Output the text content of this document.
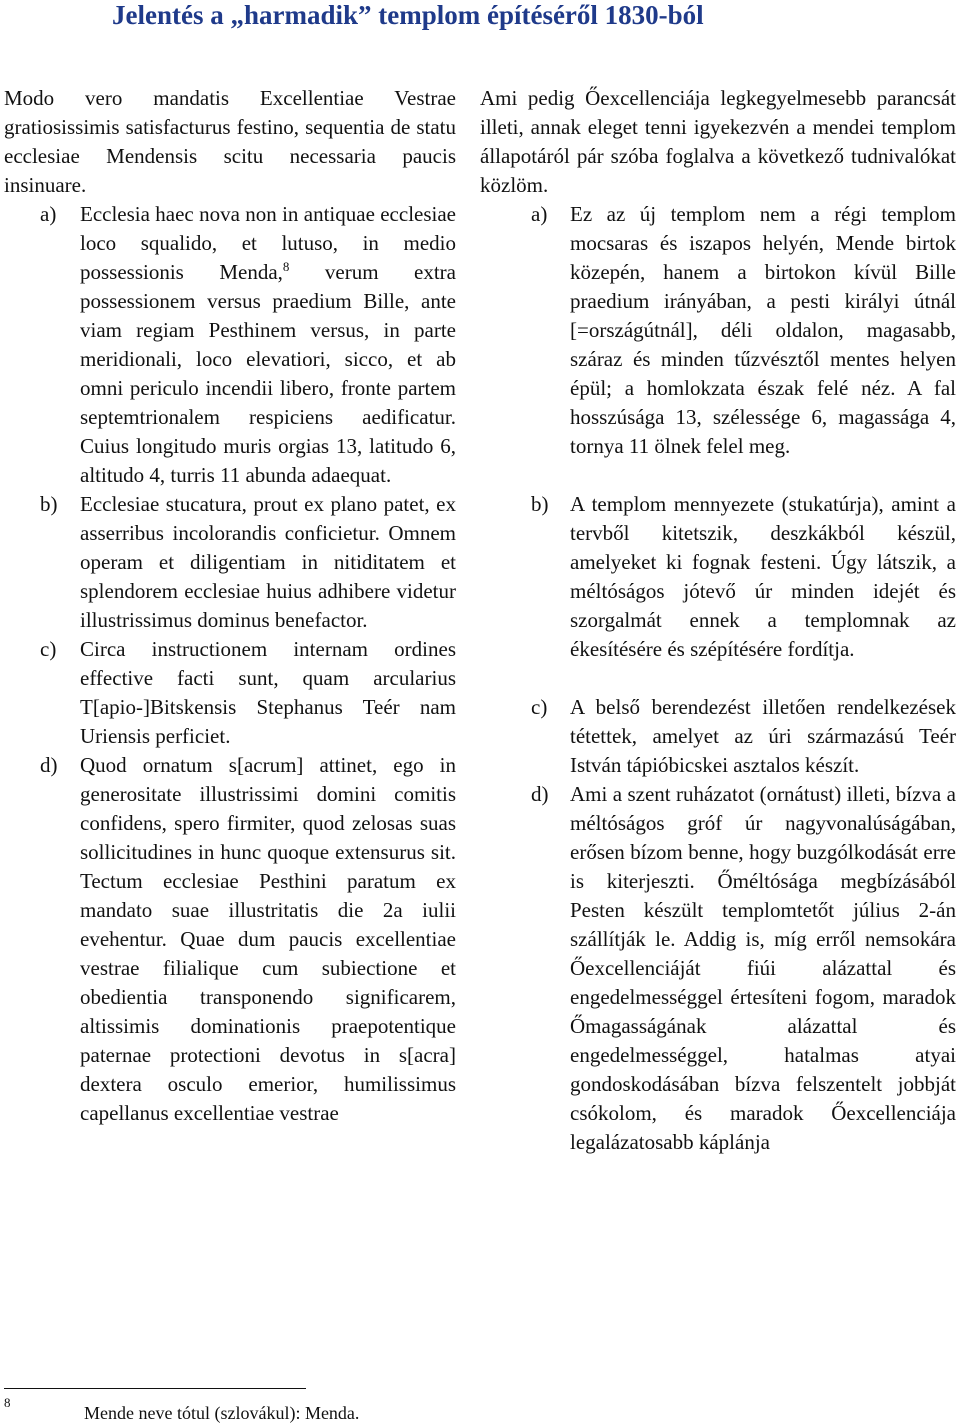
Jelentés a „harmadik” templom építéséről 1830-ból

Modo vero mandatis Excellentiae Vestrae gratiosissimis satisfacturus festino, sequentia de statu ecclesiae Mendensis scitu necessaria paucis insinuare.

a) Ecclesia haec nova non in antiquae ecclesiae loco squalido, et lutuso, in medio possessionis Menda,$^8$ verum extra possessionem versus praedium Bille, ante viam regiam Pesthinem versus, in parte meridionali, loco elevatiori, sicco, et ab omni periculo incendii libero, fronte partem septemtrionalem respiciens aedificatur. Cuius longitudo muris orgias 13, latitudo 6, altitudo 4, turris 11 abunda adaequat.
b) Ecclesiae stucatura, prout ex plano patet, ex asserribus incolorandis conficietur. Omnem operam et diligentiam in nitiditatem et splendorem ecclesiae huius adhibere videtur illustrissimus dominus benefactor.
c) Circa instructionem internam ordines effective facti sunt, quam arcularius T[apio-]Bitskensis Stephanus Teér nam Uriensis perficiet.
d) Quod ornatum s[acrum] attinet, ego in generositate illustrissimi domini comitis confidens, spero firmiter, quod zelosas suas sollicitudines in hunc quoque extensurus sit. Tectum ecclesiae Pesthini paratum ex mandato suae illustritatis die 2a iulii evehentur. Quae dum paucis excellentiae vestrae filialique cum subiectione et obedientia transponendo significarem, altissimis dominationis praepotentique paternae protectioni devotus in s[acra] dextera osculo emerior, humilissimus capellanus excellentiae vestrae

Ami pedig Őexcellenciája legkegyelmesebb parancsát illeti, annak eleget tenni igyekezvén a mendei templom állapotáról pár szóba foglalva a következő tudnivalókat közlöm.

a) Ez az új templom nem a régi templom mocsaras és iszapos helyén, Mende birtok közepén, hanem a birtokon kívül Bille praedium irányában, a pesti királyi útnál [=országútnál], déli oldalon, magasabb, száraz és minden tűzvésztől mentes helyen épül; a homlokzata észak felé néz. A fal hosszúsága 13, szélessége 6, magassága 4, tornya 11 ölnek felel meg.
b) A templom mennyezete (stukatúrja), amint a tervből kitetszik, deszkákból készül, amelyeket ki fognak festeni. Úgy látszik, a méltóságos jótevő úr minden idejét és szorgalmát ennek a templomnak az ékesítésére és szépítésére fordítja.
c) A belső berendezést illetően rendelkezések tétettek, amelyet az úri származású Teér István tápióbicskei asztalos készít.
d) Ami a szent ruházatot (ornátust) illeti, bízva a méltóságos gróf úr nagyvonalúságában, erősen bízom benne, hogy buzgólkodását erre is kiterjeszti. Őméltósága megbízásából Pesten készült templomtetőt július 2-án szállítják le. Addig is, míg erről nemsokára Őexcellenciáját fiúi alázattal és engedelmességgel értesíteni fogom, maradok Őmagasságának alázattal és engedelmességgel, hatalmas atyai gondoskodásában bízva felszentelt jobbját csókolom, és maradok Őexcellenciája legalázatosabb káplánja
8
Mende neve tótul (szlovákul): Menda.
